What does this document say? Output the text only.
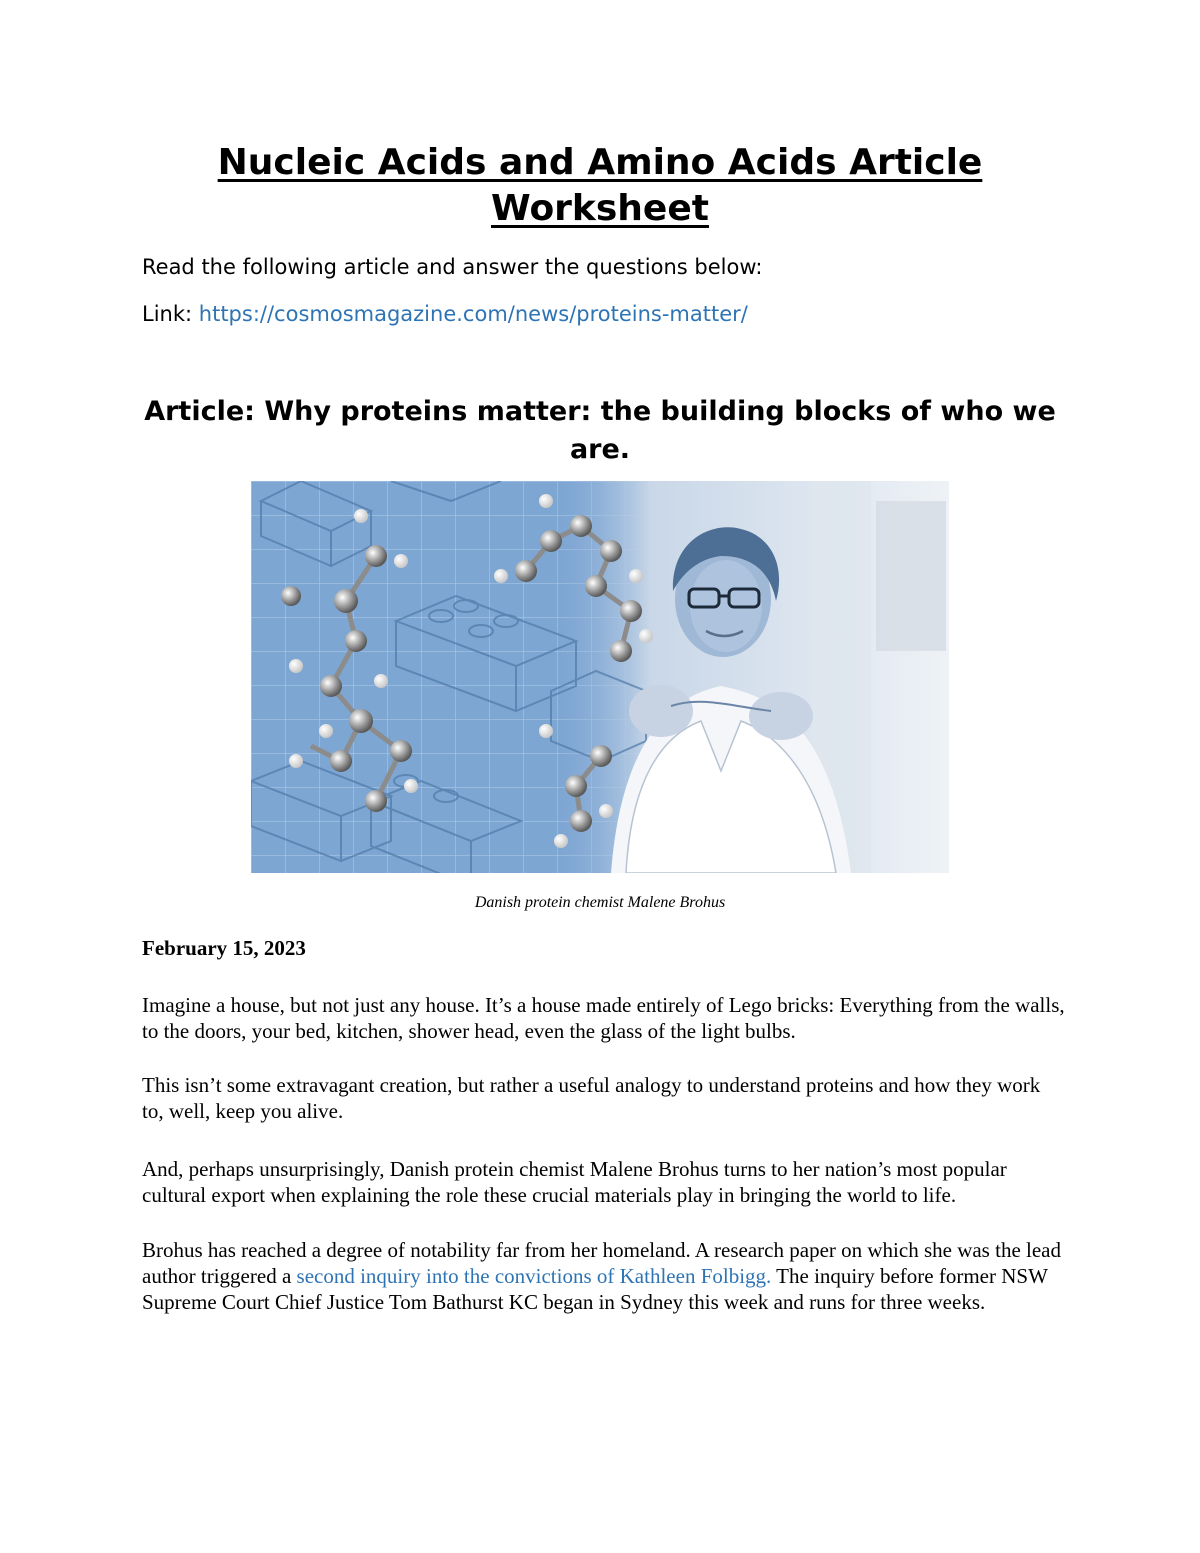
Nucleic Acids and Amino Acids Article Worksheet

Read the following article and answer the questions below:

Link: https://cosmosmagazine.com/news/proteins-matter/

Article: Why proteins matter: the building blocks of who we are.

Danish protein chemist Malene Brohus

February 15, 2023

Imagine a house, but not just any house. It’s a house made entirely of Lego bricks: Everything from the walls, to the doors, your bed, kitchen, shower head, even the glass of the light bulbs.

This isn’t some extravagant creation, but rather a useful analogy to understand proteins and how they work to, well, keep you alive.

And, perhaps unsurprisingly, Danish protein chemist Malene Brohus turns to her nation’s most popular cultural export when explaining the role these crucial materials play in bringing the world to life.

Brohus has reached a degree of notability far from her homeland. A research paper on which she was the lead author triggered a second inquiry into the convictions of Kathleen Folbigg. The inquiry before former NSW Supreme Court Chief Justice Tom Bathurst KC began in Sydney this week and runs for three weeks.
